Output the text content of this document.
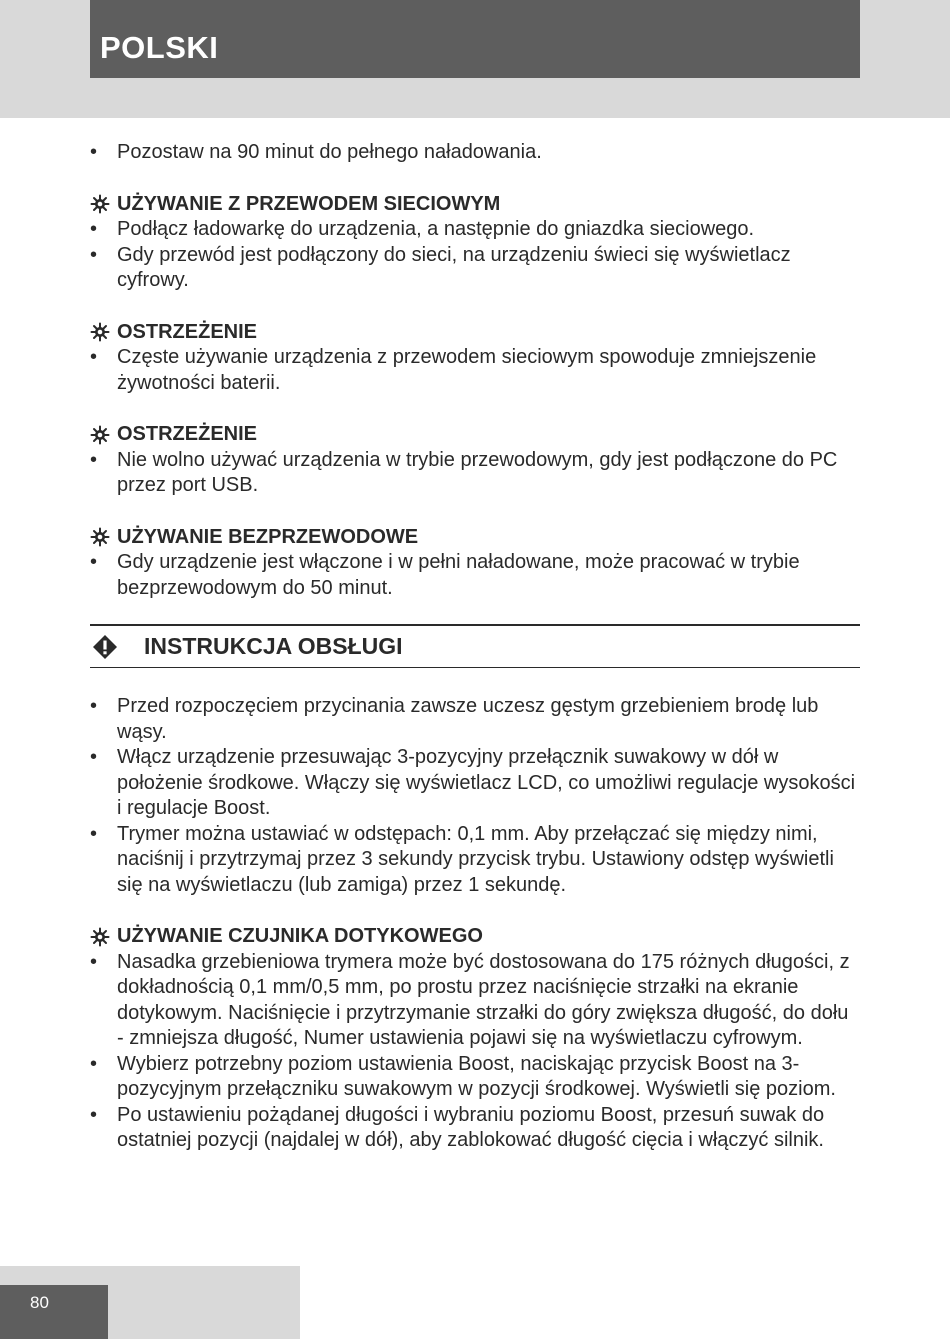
POLSKI
• Pozostaw na 90 minut do pełnego naładowania.
UŻYWANIE Z PRZEWODEM SIECIOWYM
• Podłącz ładowarkę do urządzenia, a następnie do gniazdka sieciowego.
• Gdy przewód jest podłączony do sieci, na urządzeniu świeci się wyświetlacz cyfrowy.
OSTRZEŻENIE
• Częste używanie urządzenia z przewodem sieciowym spowoduje zmniejszenie żywotności baterii.
OSTRZEŻENIE
• Nie wolno używać urządzenia w trybie przewodowym, gdy jest podłączone do PC przez port USB.
UŻYWANIE BEZPRZEWODOWE
• Gdy urządzenie jest włączone i w pełni naładowane, może pracować w trybie bezprzewodowym do 50 minut.
INSTRUKCJA OBSŁUGI
• Przed rozpoczęciem przycinania zawsze uczesz gęstym grzebieniem brodę lub wąsy.
• Włącz urządzenie przesuwając 3-pozycyjny przełącznik suwakowy w dół w położenie środkowe. Włączy się wyświetlacz LCD, co umożliwi regulacje wysokości i regulacje Boost.
• Trymer można ustawiać w odstępach: 0,1 mm. Aby przełączać się między nimi, naciśnij i przytrzymaj przez 3 sekundy przycisk trybu. Ustawiony odstęp wyświetli się na wyświetlaczu (lub zamiga) przez 1 sekundę.
UŻYWANIE CZUJNIKA DOTYKOWEGO
• Nasadka grzebieniowa trymera może być dostosowana do 175 różnych długości, z dokładnością 0,1 mm/0,5 mm, po prostu przez naciśnięcie strzałki na ekranie dotykowym. Naciśnięcie i przytrzymanie strzałki do góry zwiększa długość, do dołu - zmniejsza długość, Numer ustawienia pojawi się na wyświetlaczu cyfrowym.
• Wybierz potrzebny poziom ustawienia Boost, naciskając przycisk Boost na 3-pozycyjnym przełączniku suwakowym w pozycji środkowej. Wyświetli się poziom.
• Po ustawieniu pożądanej długości i wybraniu poziomu Boost, przesuń suwak do ostatniej pozycji (najdalej w dół), aby zablokować długość cięcia i włączyć silnik.
80
